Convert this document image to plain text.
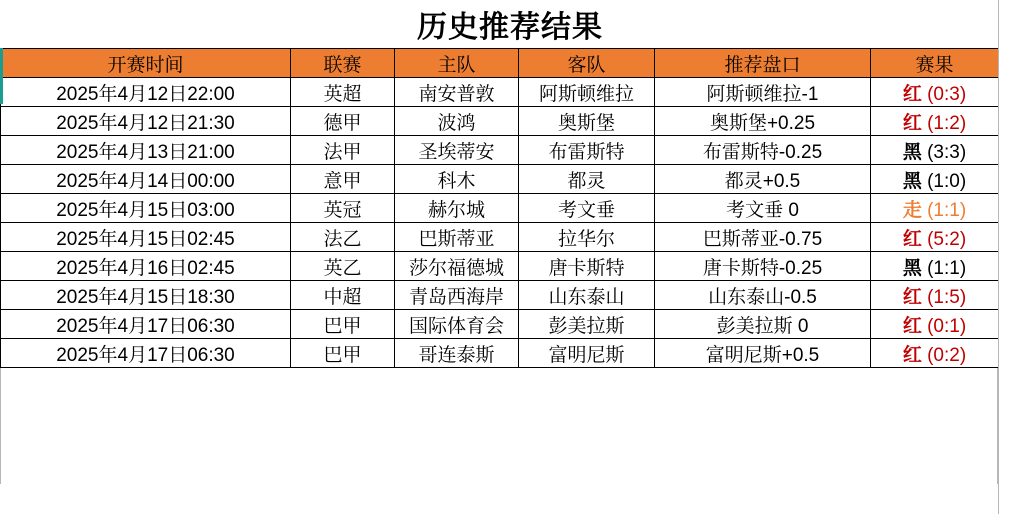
历史推荐结果
开赛时间	联赛	主队	客队	推荐盘口	赛果
2025年4月12日22:00	英超	南安普敦	阿斯顿维拉	阿斯顿维拉-1	红 (0:3)
2025年4月12日21:30	德甲	波鸿	奥斯堡	奥斯堡+0.25	红 (1:2)
2025年4月13日21:00	法甲	圣埃蒂安	布雷斯特	布雷斯特-0.25	黑 (3:3)
2025年4月14日00:00	意甲	科木	都灵	都灵+0.5	黑 (1:0)
2025年4月15日03:00	英冠	赫尔城	考文垂	考文垂 0	走 (1:1)
2025年4月15日02:45	法乙	巴斯蒂亚	拉华尔	巴斯蒂亚-0.75	红 (5:2)
2025年4月16日02:45	英乙	莎尔福德城	唐卡斯特	唐卡斯特-0.25	黑 (1:1)
2025年4月15日18:30	中超	青岛西海岸	山东泰山	山东泰山-0.5	红 (1:5)
2025年4月17日06:30	巴甲	国际体育会	彭美拉斯	彭美拉斯 0	红 (0:1)
2025年4月17日06:30	巴甲	哥连泰斯	富明尼斯	富明尼斯+0.5	红 (0:2)
